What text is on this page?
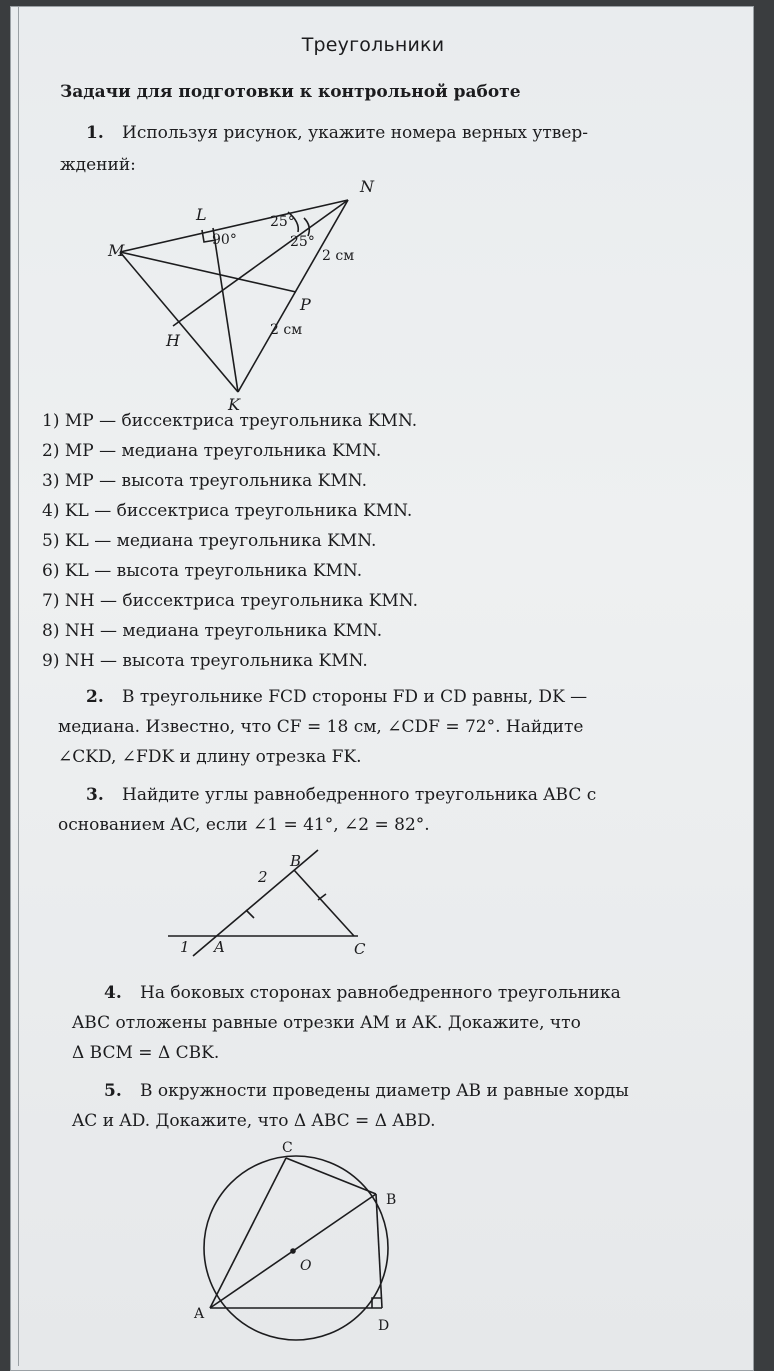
Треугольники
Задачи для подготовки к контрольной работе
1. Используя рисунок, укажите номера верных утвер-
ждений:
N
L
M
P
H
K
90°
25°
25°
2 см
2 см
1) MP — биссектриса треугольника KMN.
2) MP — медиана треугольника KMN.
3) MP — высота треугольника KMN.
4) KL — биссектриса треугольника KMN.
5) KL — медиана треугольника KMN.
6) KL — высота треугольника KMN.
7) NH — биссектриса треугольника KMN.
8) NH — медиана треугольника KMN.
9) NH — высота треугольника KMN.
2. В треугольнике FCD стороны FD и CD равны, DK —
медиана. Известно, что CF = 18 см, ∠CDF = 72°. Найдите
∠CKD, ∠FDK и длину отрезка FK.
3. Найдите углы равнобедренного треугольника ABC с
основанием AC, если ∠1 = 41°, ∠2 = 82°.
B
2
1 A	C
4. На боковых сторонах равнобедренного треугольника
ABC отложены равные отрезки AM и AK. Докажите, что
Δ BCM = Δ CBK.
5. В окружности проведены диаметр AB и равные хорды
AC и AD. Докажите, что Δ ABC = Δ ABD.
C
B
O
A
D
